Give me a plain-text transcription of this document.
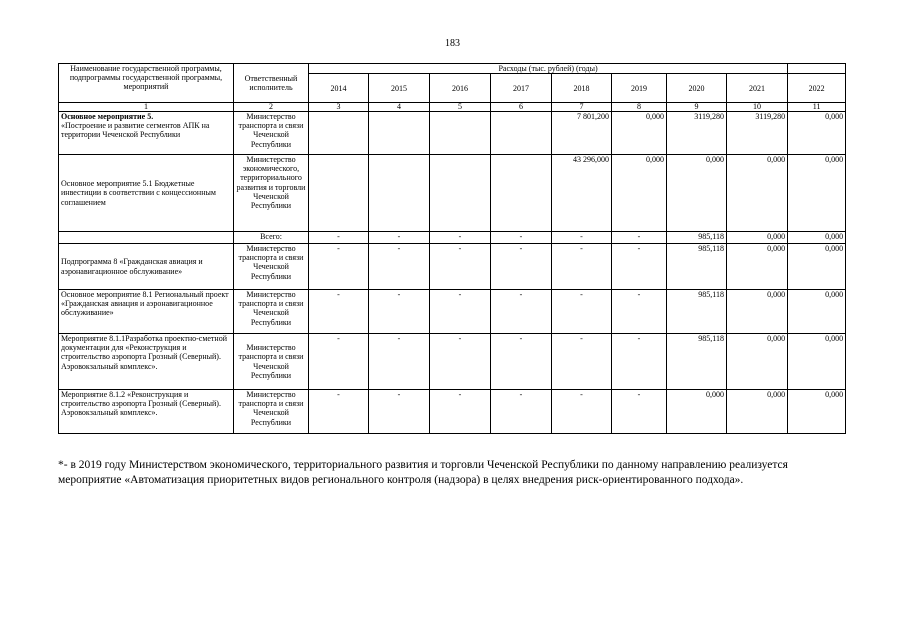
183
Наименование государственной программы, подпрограммы государственной программы, мероприятий	Ответственный исполнитель	Расходы (тыс. рублей) (годы)								
		2014	2015	2016	2017	2018	2019	2020	2021	2022
1	2	3	4	5	6	7	8	9	10	11
Основное мероприятие 5.
«Построение и развитие сегментов АПК на территории Чеченской Республики	Министерство транспорта и связи Чеченской Республики					7 801,200	0,000	3119,280	3119,280	0,000
Основное мероприятие 5.1 Бюджетные инвестиции в соответствии с концессионным соглашением	Министерство экономического, территориального развития и торговли Чеченской Республики					43 296,000	0,000	0,000	0,000	0,000
	Всего:	-	-	-	-	-	-	985,118	0,000	0,000
Подпрограмма 8 «Гражданская авиация и аэронавигационное обслуживание»	Министерство транспорта и связи Чеченской Республики	-	-	-	-	-	-	985,118	0,000	0,000
Основное мероприятие 8.1 Региональный проект «Гражданская авиация и аэронавигационное обслуживание»	Министерство транспорта и связи Чеченской Республики	-	-	-	-	-	-	985,118	0,000	0,000
Мероприятие 8.1.1Разработка проектно-сметной документации для «Реконструкция и строительство аэропорта Грозный (Северный). Аэровокзальный комплекс».	Министерство транспорта и связи Чеченской Республики	-	-	-	-	-	-	985,118	0,000	0,000
Мероприятие 8.1.2 «Реконструкция и строительство аэропорта Грозный (Северный). Аэровокзальный комплекс».	Министерство транспорта и связи Чеченской Республики	-	-	-	-	-	-	0,000	0,000	0,000
*- в 2019 году Министерством экономического, территориального развития и торговли Чеченской Республики по данному направлению реализуется мероприятие «Автоматизация приоритетных видов регионального контроля (надзора) в целях внедрения риск-ориентированного подхода».
